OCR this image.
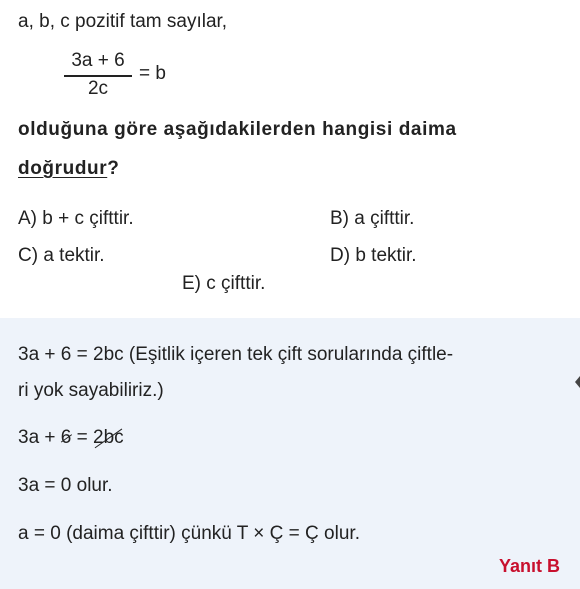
a, b, c pozitif tam sayılar,
3a + 6
2c
= b
olduğuna göre aşağıdakilerden hangisi daima
doğrudur?
A) b + c çifttir.	B) a çifttir.
C) a tektir.	D) b tektir.
E) c çifttir.
3a + 6 = 2bc (Eşitlik içeren tek çift sorularında çiftle-
ri yok sayabiliriz.)
3a + 6 = 2bc
3a = 0 olur.
a = 0 (daima çifttir) çünkü T × Ç = Ç olur.
Yanıt B
